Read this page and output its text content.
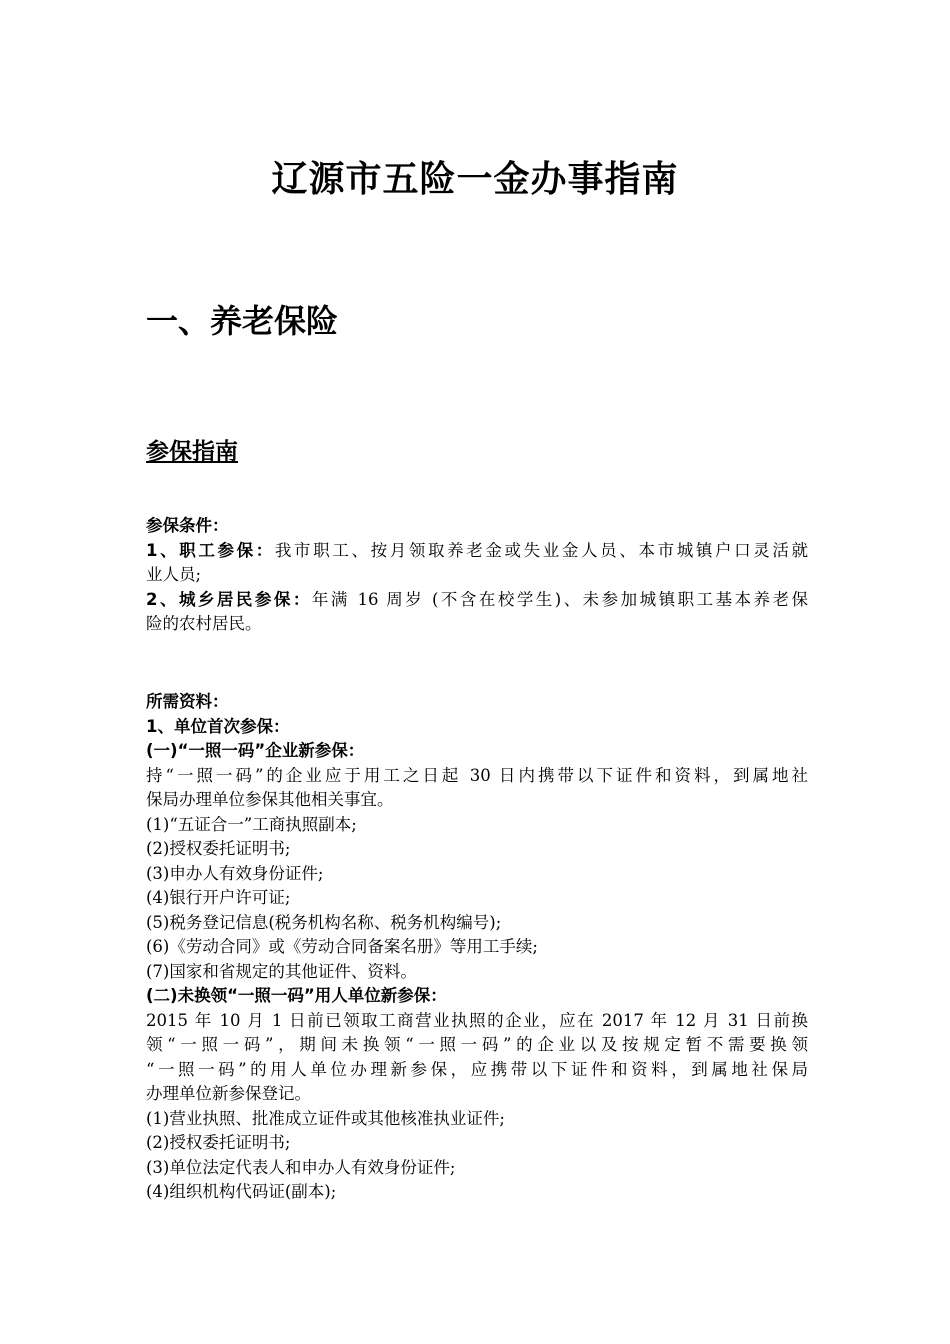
辽源市五险一金办事指南
一、养老保险
参保指南
参保条件：
1、职工参保：我市职工、按月领取养老金或失业金人员、本市城镇户口灵活就
业人员;
2、城乡居民参保：年满 16 周岁 (不含在校学生)、未参加城镇职工基本养老保
险的农村居民。
所需资料：
1、单位首次参保：
(一)“一照一码”企业新参保：
持“一照一码”的企业应于用工之日起 30 日内携带以下证件和资料，到属地社
保局办理单位参保其他相关事宜。
(1)“五证合一”工商执照副本;
(2)授权委托证明书;
(3)申办人有效身份证件;
(4)银行开户许可证;
(5)税务登记信息(税务机构名称、税务机构编号);
(6)《劳动合同》或《劳动合同备案名册》等用工手续;
(7)国家和省规定的其他证件、资料。
(二)未换领“一照一码”用人单位新参保：
2015 年 10 月 1 日前已领取工商营业执照的企业，应在 2017 年 12 月 31 日前换
领“一照一码”，期间未换领“一照一码”的企业以及按规定暂不需要换领
“一照一码”的用人单位办理新参保，应携带以下证件和资料，到属地社保局
办理单位新参保登记。
(1)营业执照、批准成立证件或其他核准执业证件;
(2)授权委托证明书;
(3)单位法定代表人和申办人有效身份证件;
(4)组织机构代码证(副本);
